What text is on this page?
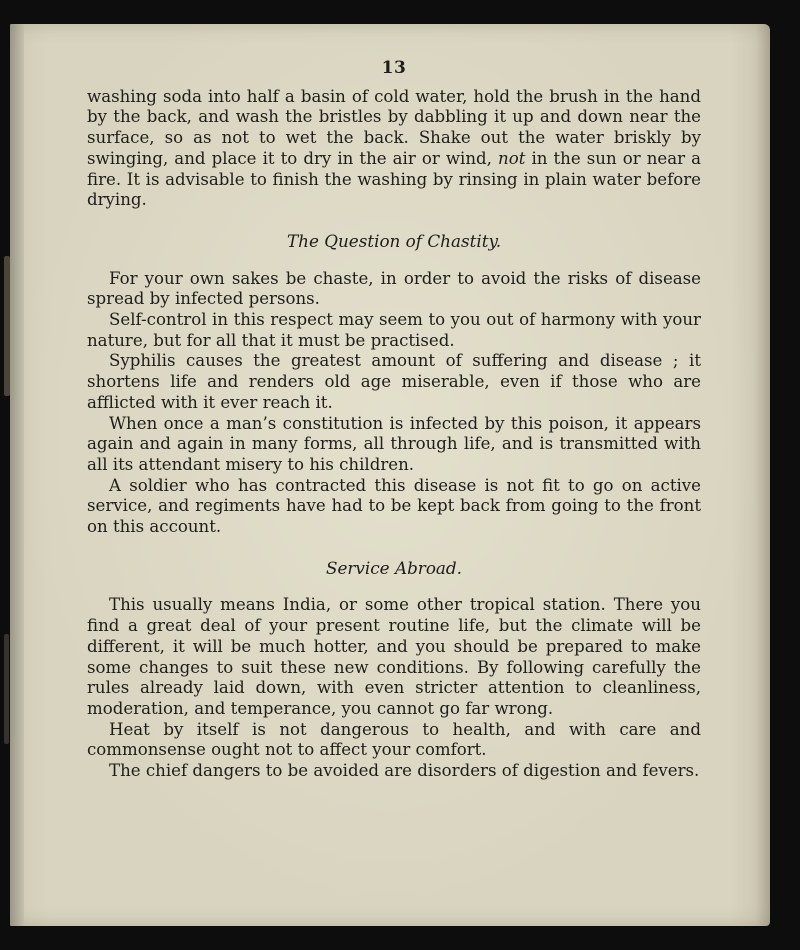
13

washing soda into half a basin of cold water, hold the brush in the hand by the back, and wash the bristles by dabbling it up and down near the surface, so as not to wet the back. Shake out the water briskly by swinging, and place it to dry in the air or wind, not in the sun or near a fire. It is advisable to finish the washing by rinsing in plain water before drying.

The Question of Chastity.

For your own sakes be chaste, in order to avoid the risks of disease spread by infected persons.

Self-control in this respect may seem to you out of harmony with your nature, but for all that it must be practised.

Syphilis causes the greatest amount of suffering and disease ; it shortens life and renders old age miserable, even if those who are afflicted with it ever reach it.

When once a man’s constitution is infected by this poison, it appears again and again in many forms, all through life, and is transmitted with all its attendant misery to his children.

A soldier who has contracted this disease is not fit to go on active service, and regiments have had to be kept back from going to the front on this account.

Service Abroad.

This usually means India, or some other tropical station. There you find a great deal of your present routine life, but the climate will be different, it will be much hotter, and you should be prepared to make some changes to suit these new conditions. By following carefully the rules already laid down, with even stricter attention to cleanliness, moderation, and temperance, you cannot go far wrong.

Heat by itself is not dangerous to health, and with care and commonsense ought not to affect your comfort.

The chief dangers to be avoided are disorders of digestion and fevers.
